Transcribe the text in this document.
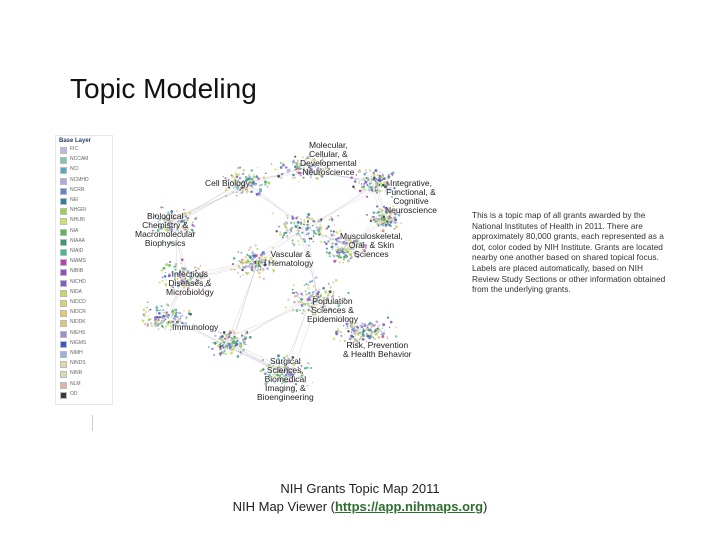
Topic Modeling
Base Layer
FIC
NCCAM
NCI
NCMHD
NCRR
NEI
NHGRI
NHLBI
NIA
NIAAA
NIAID
NIAMS
NIBIB
NICHD
NIDA
NIDCD
NIDCR
NIDDK
NIEHS
NIGMS
NIMH
NINDS
NINR
NLM
OD
Molecular,
Cellular, &
Developmental
Neuroscience
Cell Biology	Integrative,
Functional, &
Cognitive
Neuroscience
Biological
Chemistry &
Macromolecular
Biophysics
Musculoskeletal,
Oral, & Skin
Sciences
Vascular &
Hematology
Infectious
Diseases &
Microbiology
Population
Sciences &
Epidemiology
Immunology
Risk, Prevention
& Health Behavior
Surgical
Sciences,
Biomedical
Imaging, &
Bioengineering
This is a topic map of all grants awarded by the National Institutes of Health in 2011. There are approximately 80,000 grants, each represented as a dot, color coded by NIH Institute. Grants are located nearby one another based on shared topical focus. Labels are placed automatically, based on NIH Review Study Sections or other information obtained from the underlying grants.
NIH Grants Topic Map 2011
NIH Map Viewer (https://app.nihmaps.org)
